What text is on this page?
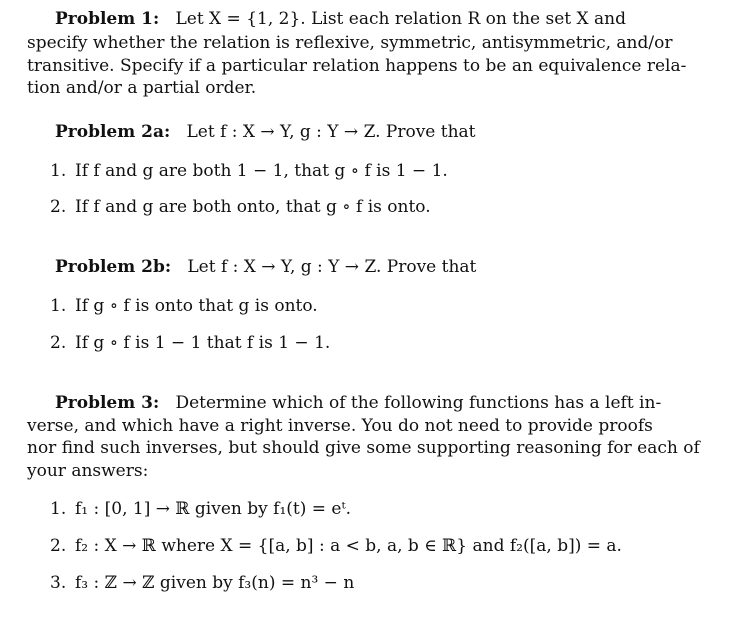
Problem 1: Let X = {1, 2}. List each relation R on the set X and
specify whether the relation is reflexive, symmetric, antisymmetric, and/or
transitive. Specify if a particular relation happens to be an equivalence rela-
tion and/or a partial order.
Problem 2a: Let f : X → Y, g : Y → Z. Prove that
1. If f and g are both 1 − 1, that g ∘ f is 1 − 1.
2. If f and g are both onto, that g ∘ f is onto.
Problem 2b: Let f : X → Y, g : Y → Z. Prove that
1. If g ∘ f is onto that g is onto.
2. If g ∘ f is 1 − 1 that f is 1 − 1.
Problem 3: Determine which of the following functions has a left in-
verse, and which have a right inverse. You do not need to provide proofs
nor find such inverses, but should give some supporting reasoning for each of
your answers:
1. f₁ : [0, 1] → ℝ given by f₁(t) = eᵗ.
2. f₂ : X → ℝ where X = {[a, b] : a < b, a, b ∈ ℝ} and f₂([a, b]) = a.
3. f₃ : ℤ → ℤ given by f₃(n) = n³ − n
